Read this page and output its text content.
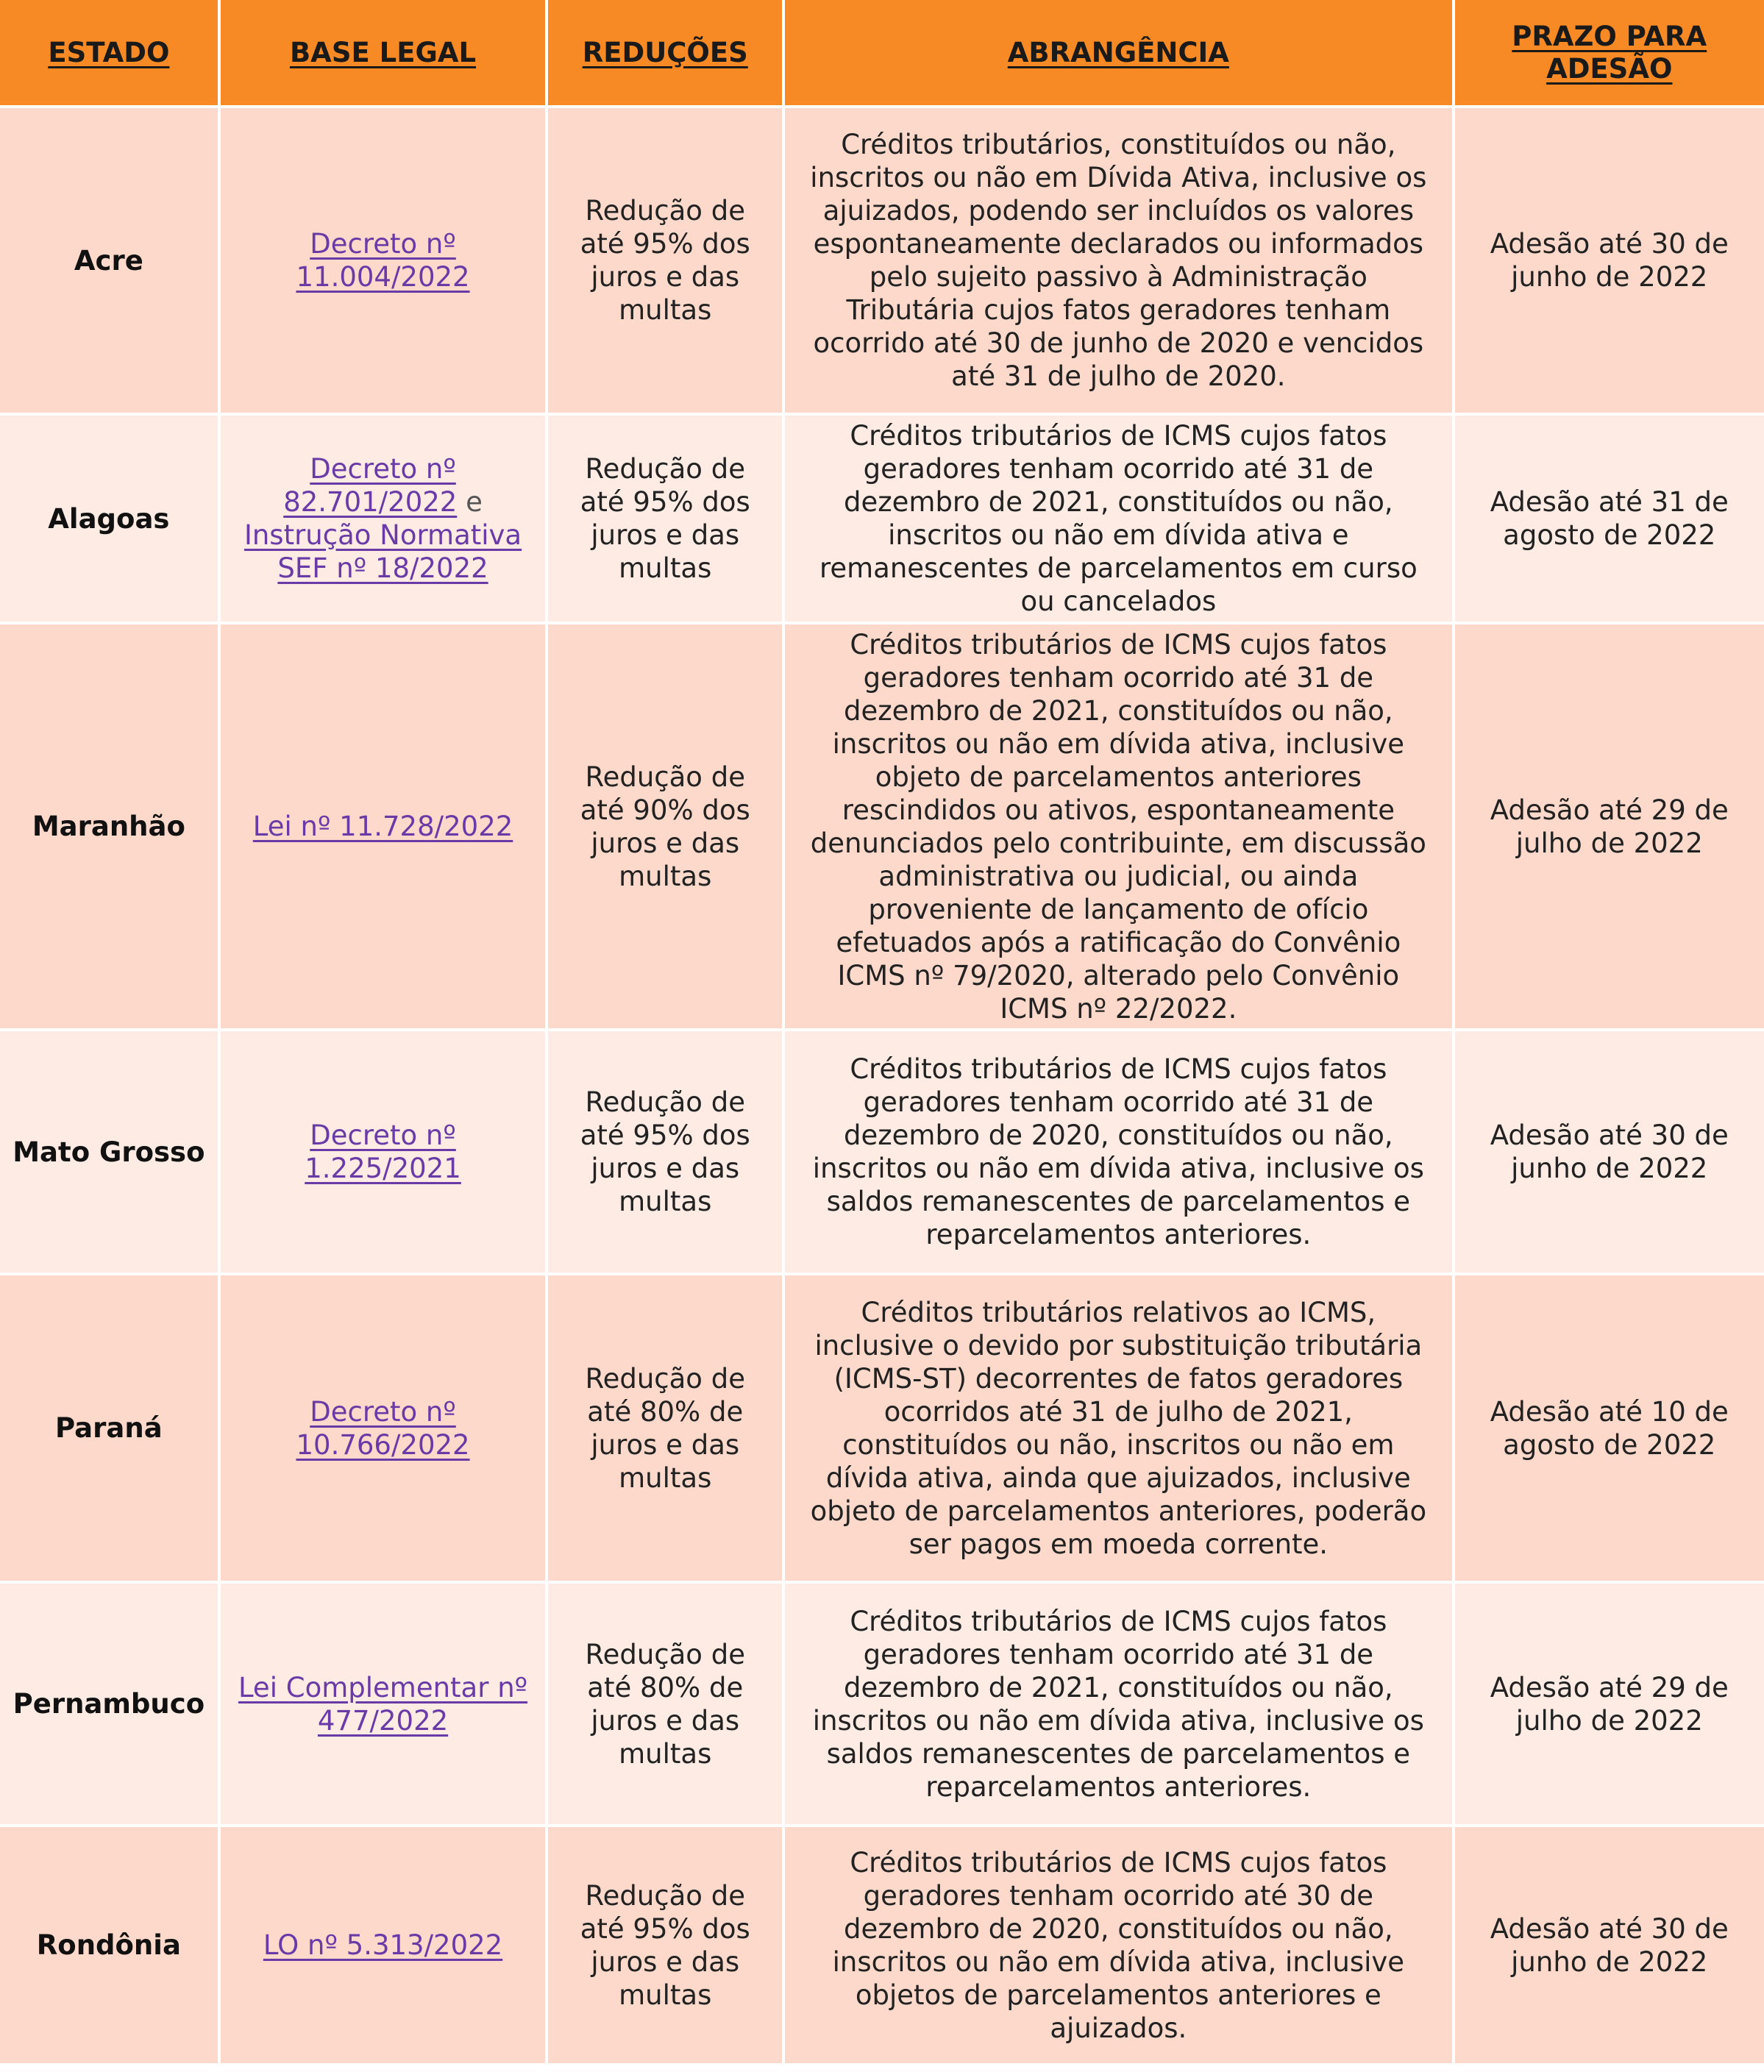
ESTADO	BASE LEGAL	REDUÇÕES	ABRANGÊNCIA	PRAZO PARA ADESÃO
Acre	Decreto nº 11.004/2022	Redução de até 95% dos juros e das multas	Créditos tributários, constituídos ou não, inscritos ou não em Dívida Ativa, inclusive os ajuizados, podendo ser incluídos os valores espontaneamente declarados ou informados pelo sujeito passivo à Administração Tributária cujos fatos geradores tenham ocorrido até 30 de junho de 2020 e vencidos até 31 de julho de 2020.	Adesão até 30 de junho de 2022
Alagoas	Decreto nº 82.701/2022 e Instrução Normativa SEF nº 18/2022	Redução de até 95% dos juros e das multas	Créditos tributários de ICMS cujos fatos geradores tenham ocorrido até 31 de dezembro de 2021, constituídos ou não, inscritos ou não em dívida ativa e remanescentes de parcelamentos em curso ou cancelados	Adesão até 31 de agosto de 2022
Maranhão	Lei nº 11.728/2022	Redução de até 90% dos juros e das multas	Créditos tributários de ICMS cujos fatos geradores tenham ocorrido até 31 de dezembro de 2021, constituídos ou não, inscritos ou não em dívida ativa, inclusive objeto de parcelamentos anteriores rescindidos ou ativos, espontaneamente denunciados pelo contribuinte, em discussão administrativa ou judicial, ou ainda proveniente de lançamento de ofício efetuados após a ratificação do Convênio ICMS nº 79/2020, alterado pelo Convênio ICMS nº 22/2022.	Adesão até 29 de julho de 2022
Mato Grosso	Decreto nº 1.225/2021	Redução de até 95% dos juros e das multas	Créditos tributários de ICMS cujos fatos geradores tenham ocorrido até 31 de dezembro de 2020, constituídos ou não, inscritos ou não em dívida ativa, inclusive os saldos remanescentes de parcelamentos e reparcelamentos anteriores.	Adesão até 30 de junho de 2022
Paraná	Decreto nº 10.766/2022	Redução de até 80% de juros e das multas	Créditos tributários relativos ao ICMS, inclusive o devido por substituição tributária (ICMS-ST) decorrentes de fatos geradores ocorridos até 31 de julho de 2021, constituídos ou não, inscritos ou não em dívida ativa, ainda que ajuizados, inclusive objeto de parcelamentos anteriores, poderão ser pagos em moeda corrente.	Adesão até 10 de agosto de 2022
Pernambuco	Lei Complementar nº 477/2022	Redução de até 80% de juros e das multas	Créditos tributários de ICMS cujos fatos geradores tenham ocorrido até 31 de dezembro de 2021, constituídos ou não, inscritos ou não em dívida ativa, inclusive os saldos remanescentes de parcelamentos e reparcelamentos anteriores.	Adesão até 29 de julho de 2022
Rondônia	LO nº 5.313/2022	Redução de até 95% dos juros e das multas	Créditos tributários de ICMS cujos fatos geradores tenham ocorrido até 30 de dezembro de 2020, constituídos ou não, inscritos ou não em dívida ativa, inclusive objetos de parcelamentos anteriores e ajuizados.	Adesão até 30 de junho de 2022
